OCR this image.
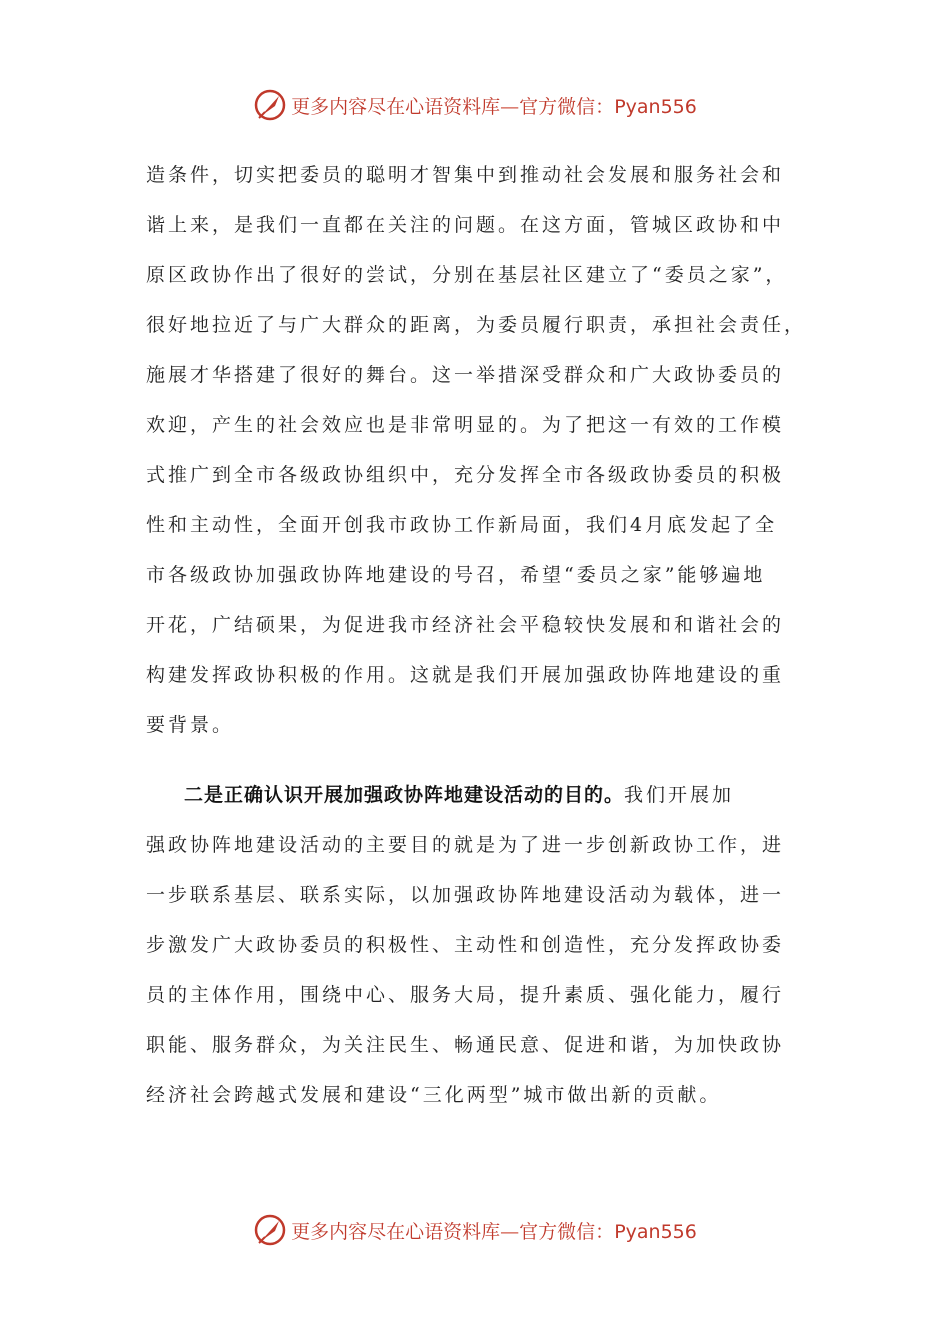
更多内容尽在心语资料库—官方微信：Pyan556
造条件，切实把委员的聪明才智集中到推动社会发展和服务社会和
谐上来，是我们一直都在关注的问题。在这方面，管城区政协和中
原区政协作出了很好的尝试，分别在基层社区建立了“委员之家”，
很好地拉近了与广大群众的距离，为委员履行职责，承担社会责任，
施展才华搭建了很好的舞台。这一举措深受群众和广大政协委员的
欢迎，产生的社会效应也是非常明显的。为了把这一有效的工作模
式推广到全市各级政协组织中，充分发挥全市各级政协委员的积极
性和主动性，全面开创我市政协工作新局面，我们4月底发起了全
市各级政协加强政协阵地建设的号召，希望“委员之家”能够遍地
开花，广结硕果，为促进我市经济社会平稳较快发展和和谐社会的
构建发挥政协积极的作用。这就是我们开展加强政协阵地建设的重
要背景。
二是正确认识开展加强政协阵地建设活动的目的。我们开展加
强政协阵地建设活动的主要目的就是为了进一步创新政协工作，进
一步联系基层、联系实际，以加强政协阵地建设活动为载体，进一
步激发广大政协委员的积极性、主动性和创造性，充分发挥政协委
员的主体作用，围绕中心、服务大局，提升素质、强化能力，履行
职能、服务群众，为关注民生、畅通民意、促进和谐，为加快政协
经济社会跨越式发展和建设“三化两型”城市做出新的贡献。
更多内容尽在心语资料库—官方微信：Pyan556
